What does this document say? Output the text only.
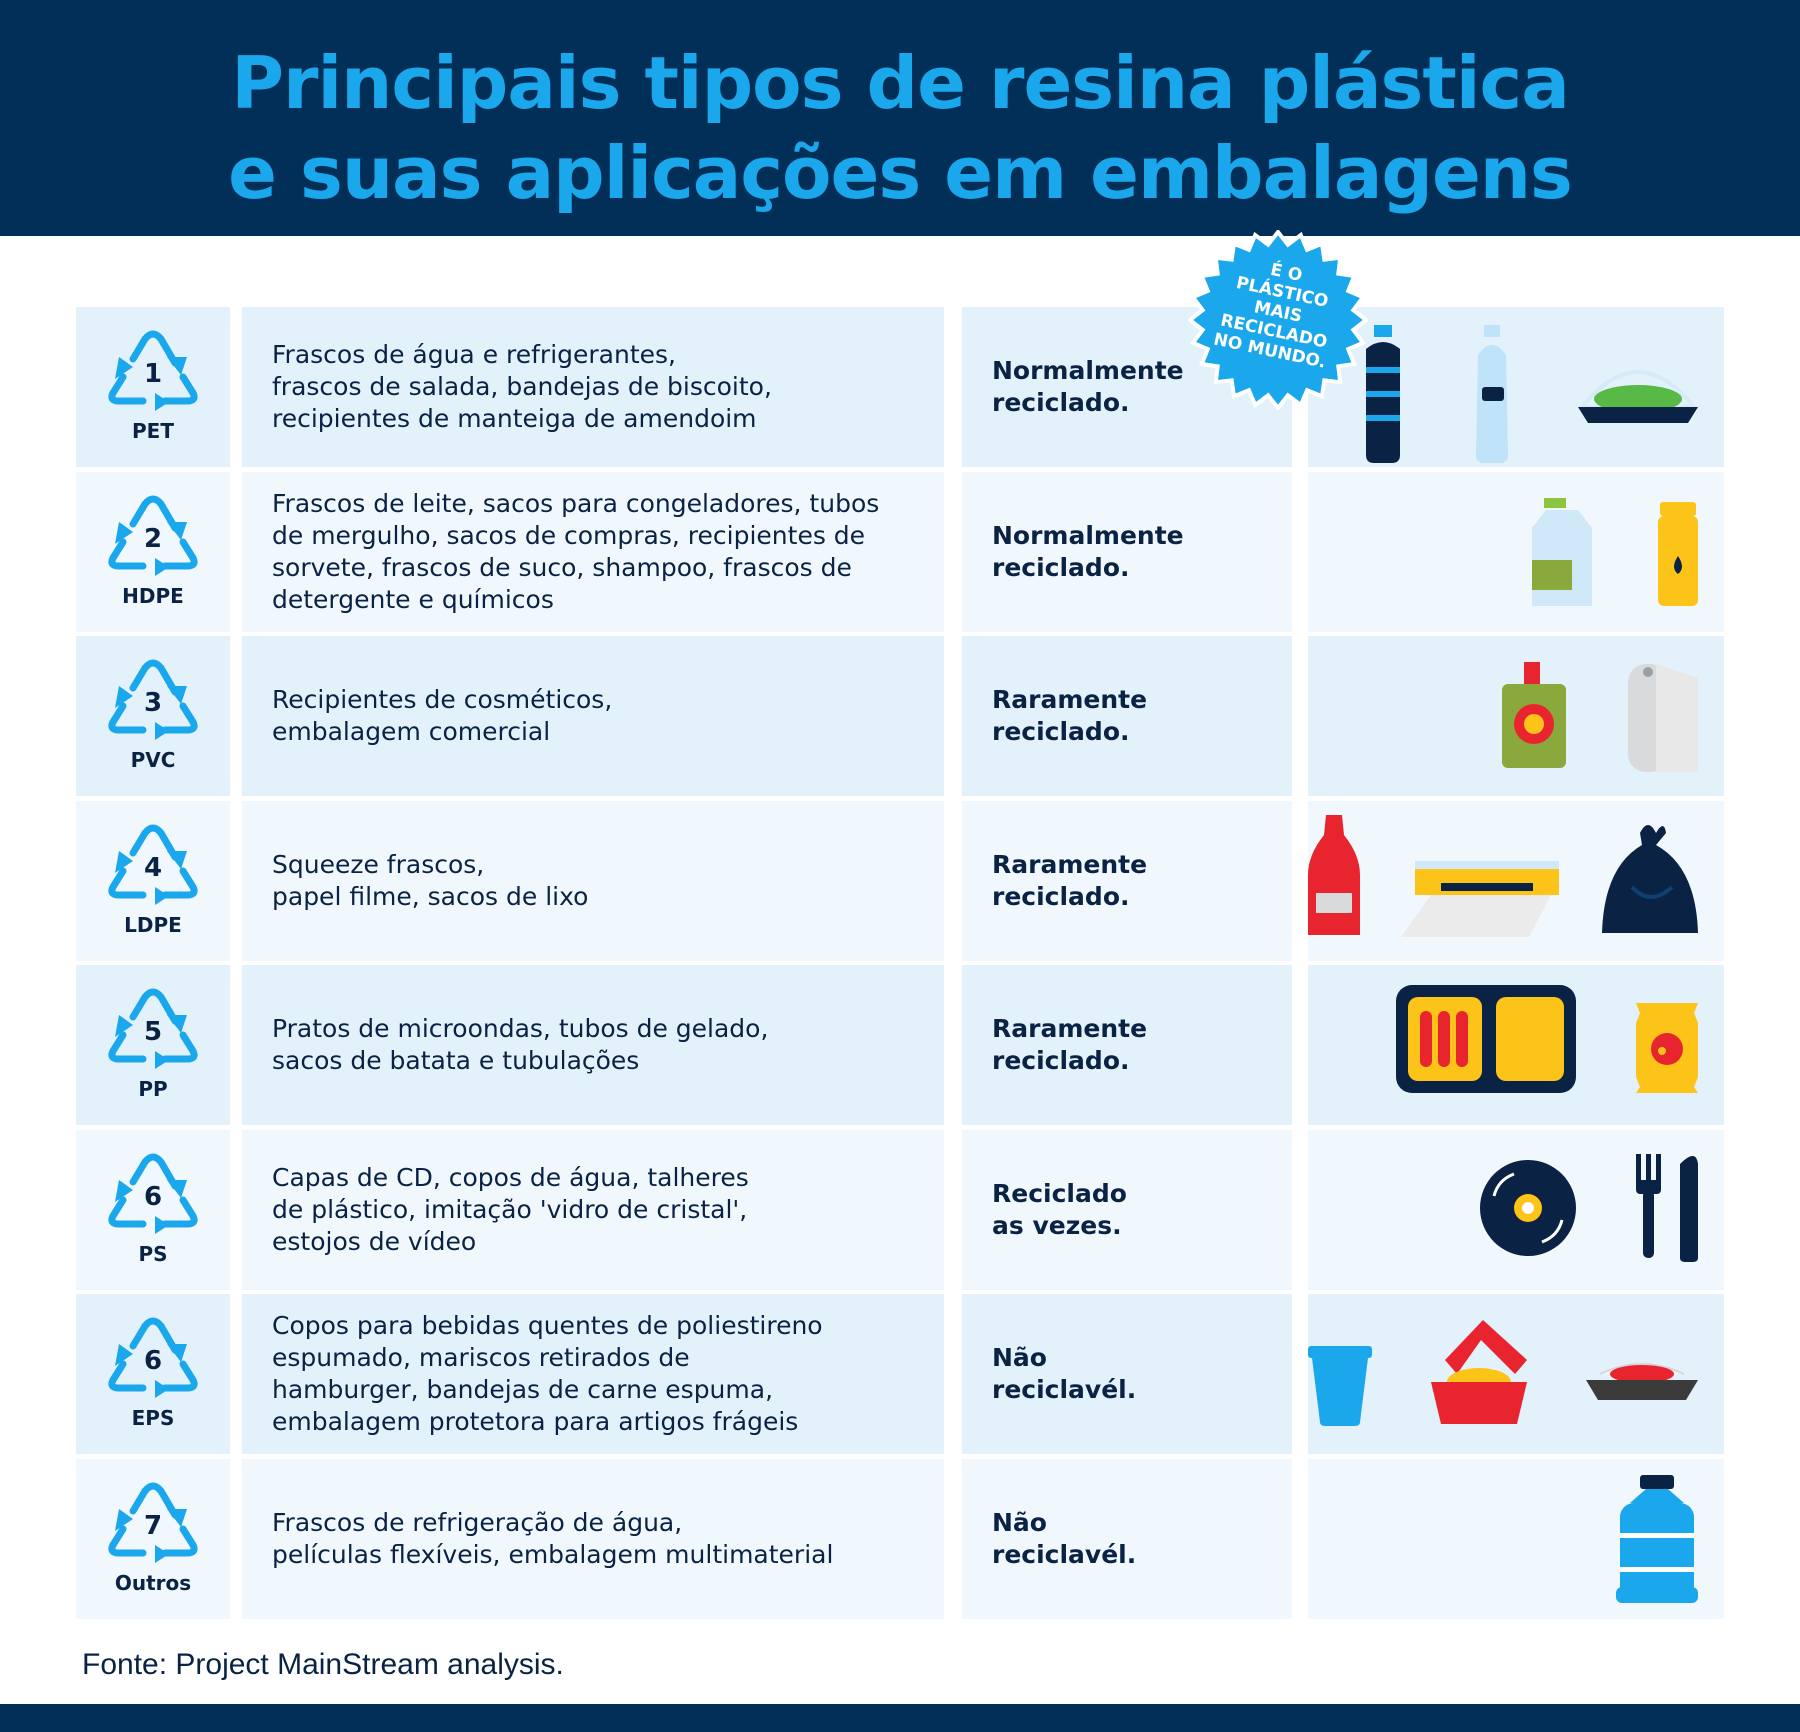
Principais tipos de resina plástica
e suas aplicações em embalagens
1
PET
Frascos de água e refrigerantes,
frascos de salada, bandejas de biscoito,
recipientes de manteiga de amendoim
Normalmente
reciclado.
2
HDPE
Frascos de leite, sacos para congeladores, tubos
de mergulho, sacos de compras, recipientes de
sorvete, frascos de suco, shampoo, frascos de
detergente e químicos
Normalmente
reciclado.
3
PVC
Recipientes de cosméticos,
embalagem comercial
Raramente
reciclado.
4
LDPE
Squeeze frascos,
papel filme, sacos de lixo
Raramente
reciclado.
5
PP
Pratos de microondas, tubos de gelado,
sacos de batata e tubulações
Raramente
reciclado.
6
PS
Capas de CD, copos de água, talheres
de plástico, imitação 'vidro de cristal',
estojos de vídeo
Reciclado
as vezes.
6
EPS
Copos para bebidas quentes de poliestireno
espumado, mariscos retirados de
hamburger, bandejas de carne espuma,
embalagem protetora para artigos frágeis
Não
reciclavél.
7
Outros
Frascos de refrigeração de água,
películas flexíveis, embalagem multimaterial
Não
reciclavél.
É O
PLÁSTICO
MAIS
RECICLADO
NO MUNDO.
Fonte: Project MainStream analysis.
